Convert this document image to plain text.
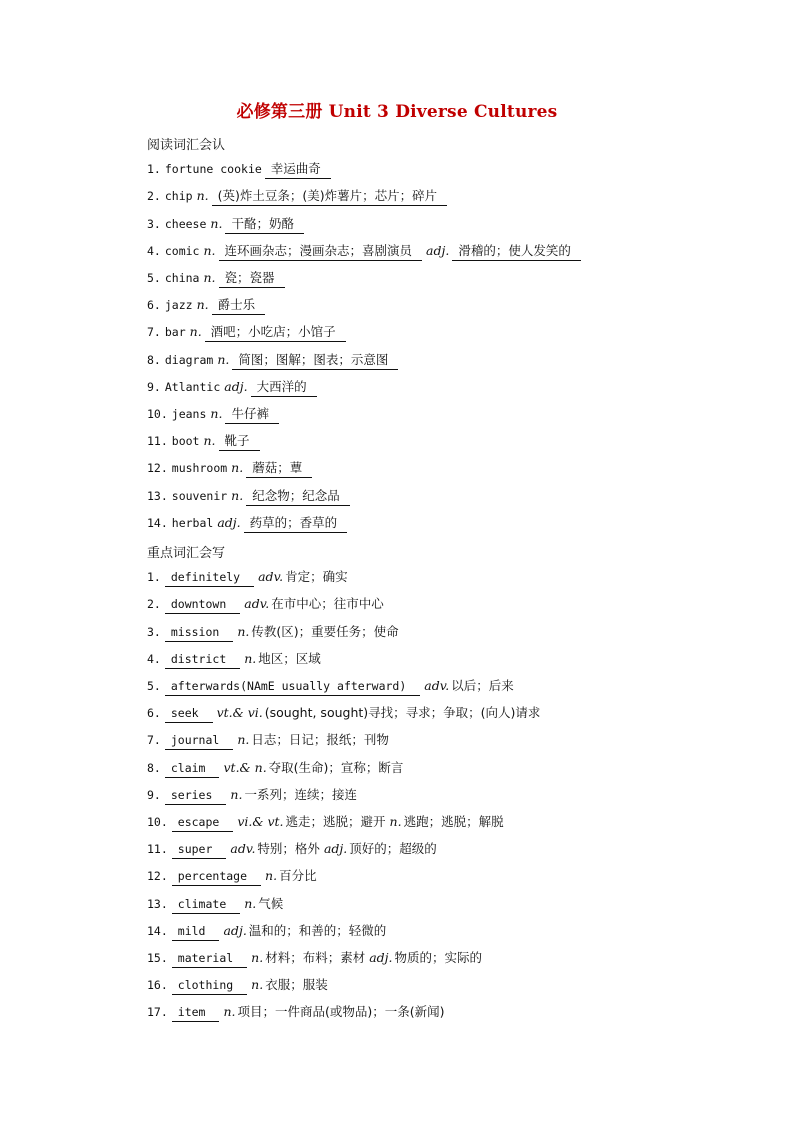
必修第三册 Unit 3 Diverse Cultures
阅读词汇会认
1. fortune cookie 幸运曲奇
2. chip n. (英)炸土豆条；(美)炸薯片；芯片；碎片
3. cheese n. 干酪；奶酪
4. comic n. 连环画杂志；漫画杂志；喜剧演员 adj. 滑稽的；使人发笑的
5. china n. 瓷；瓷器
6. jazz n. 爵士乐
7. bar n. 酒吧；小吃店；小馆子
8. diagram n. 简图；图解；图表；示意图
9. Atlantic adj. 大西洋的
10. jeans n. 牛仔裤
11. boot n. 靴子
12. mushroom n. 蘑菇；蕈
13. souvenir n. 纪念物；纪念品
14. herbal adj. 药草的；香草的
重点词汇会写
1. definitely adv. 肯定；确实
2. downtown adv. 在市中心；往市中心
3. mission n. 传教(区)；重要任务；使命
4. district n. 地区；区域
5. afterwards(NAmE usually afterward) adv. 以后；后来
6. seek vt.& vi. (sought, sought)寻找；寻求；争取；(向人)请求
7. journal n. 日志；日记；报纸；刊物
8. claim vt.& n. 夺取(生命)；宣称；断言
9. series n. 一系列；连续；接连
10. escape vi.& vt. 逃走；逃脱；避开 n. 逃跑；逃脱；解脱
11. super adv. 特别；格外 adj. 顶好的；超级的
12. percentage n. 百分比
13. climate n. 气候
14. mild adj. 温和的；和善的；轻微的
15. material n. 材料；布料；素材 adj. 物质的；实际的
16. clothing n. 衣服；服装
17. item n. 项目；一件商品(或物品)；一条(新闻)
